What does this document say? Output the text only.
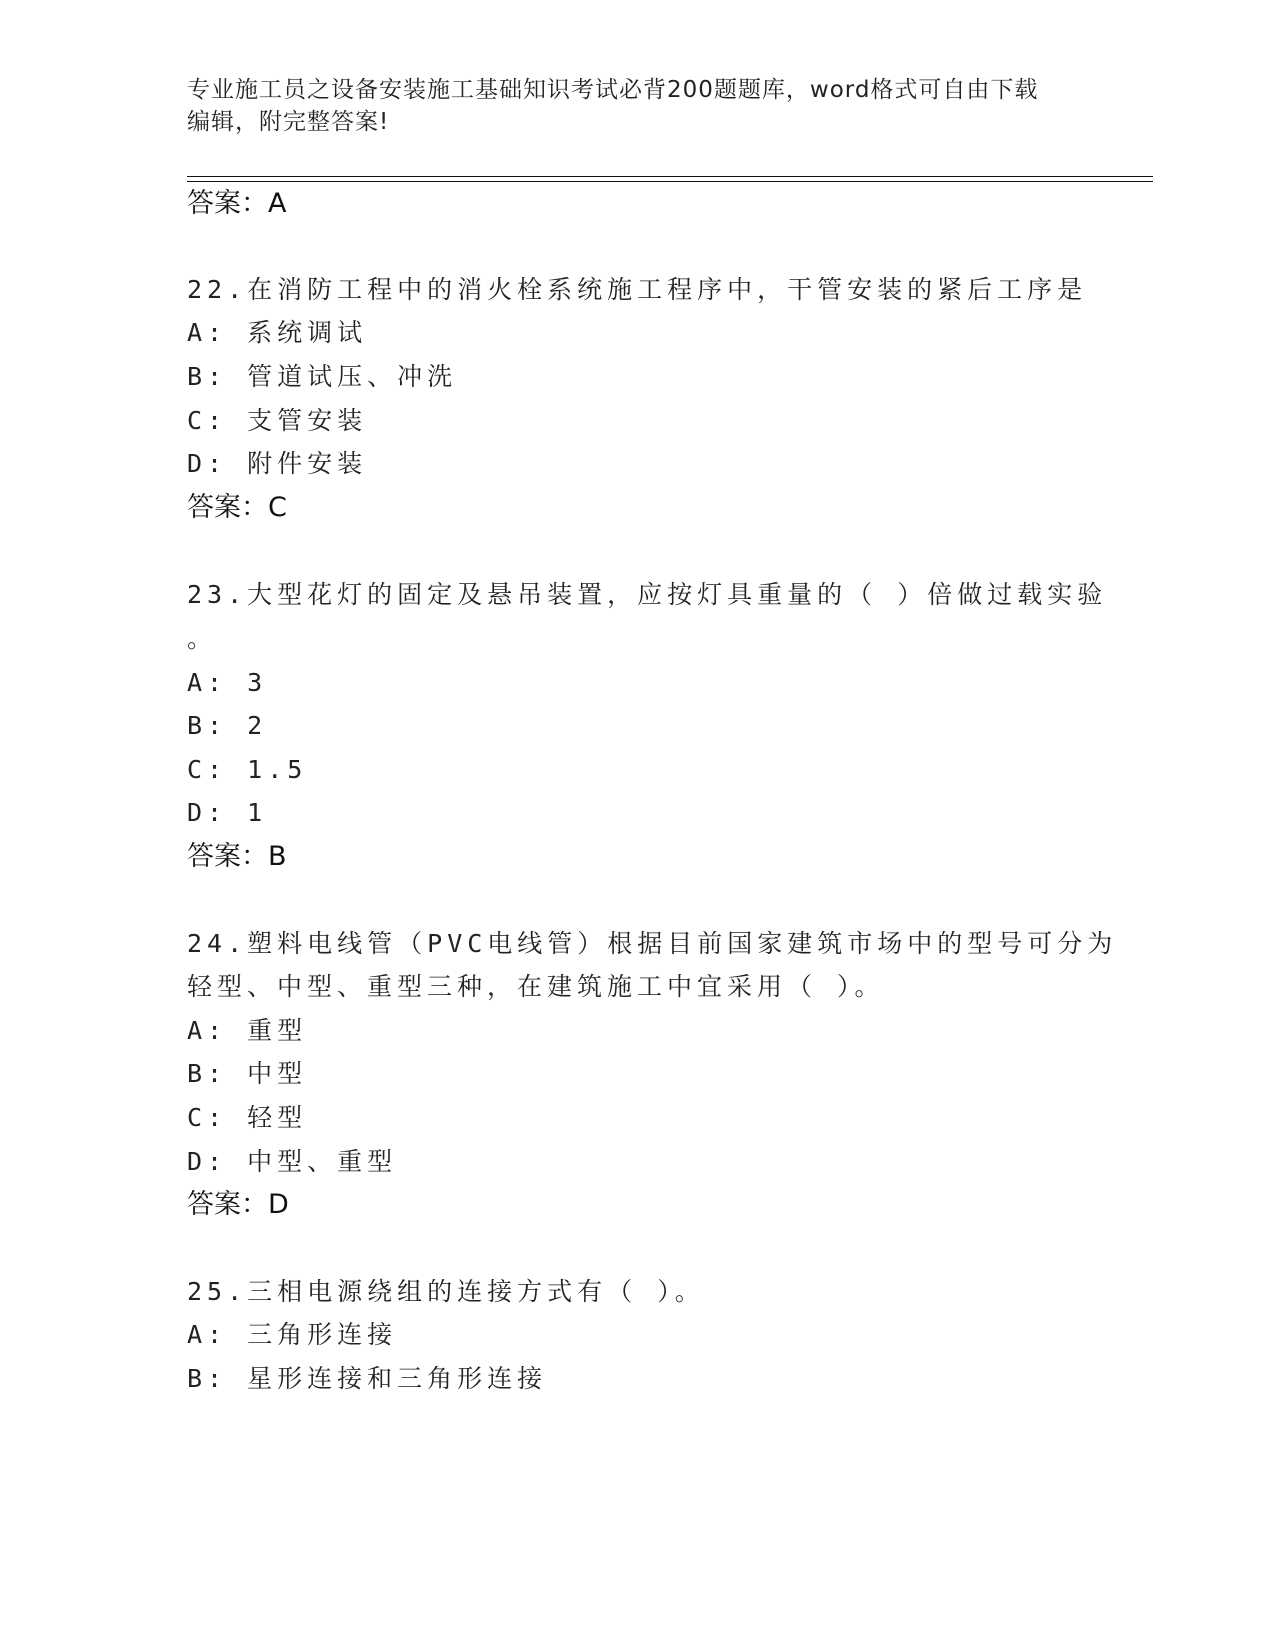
专业施工员之设备安装施工基础知识考试必背200题题库，word格式可自由下载
编辑，附完整答案!
答案：A
22.在消防工程中的消火栓系统施工程序中，干管安装的紧后工序是
A: 系统调试
B: 管道试压、冲洗
C: 支管安装
D: 附件安装
答案：C
23.大型花灯的固定及悬吊装置，应按灯具重量的（ ）倍做过载实验
。
A: 3
B: 2
C: 1.5
D: 1
答案：B
24.塑料电线管（PVC电线管）根据目前国家建筑市场中的型号可分为
轻型、中型、重型三种，在建筑施工中宜采用（ ）。
A: 重型
B: 中型
C: 轻型
D: 中型、重型
答案：D
25.三相电源绕组的连接方式有（ ）。
A: 三角形连接
B: 星形连接和三角形连接
